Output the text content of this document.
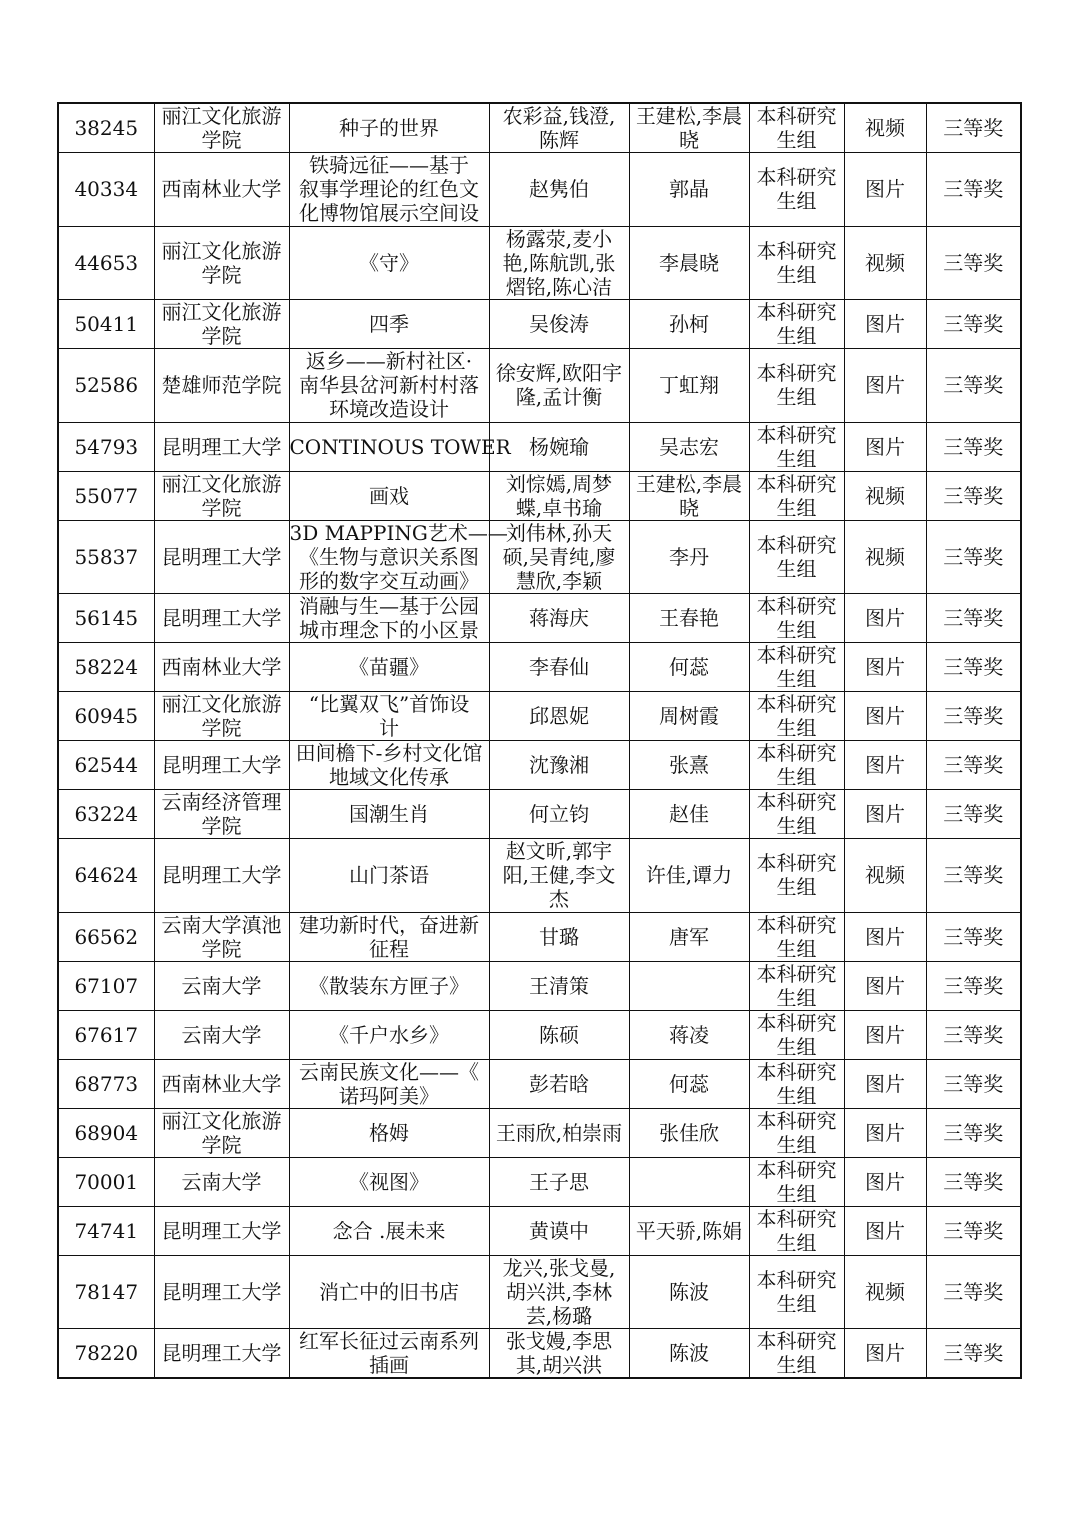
38245	丽江文化旅游
学院	种子的世界	农彩益,钱澄,
陈辉	王建松,李晨
晓	本科研究
生组	视频	三等奖

40334	西南林业大学	铁骑远征——基于
叙事学理论的红色文
化博物馆展示空间设	赵隽伯	郭晶	本科研究
生组	图片	三等奖

44653	丽江文化旅游
学院	《守》	杨露荥,麦小
艳,陈航凯,张
熠铭,陈心洁	李晨晓	本科研究
生组	视频	三等奖

50411	丽江文化旅游
学院	四季	吴俊涛	孙柯	本科研究
生组	图片	三等奖

52586	楚雄师范学院	返乡——新村社区·
南华县岔河新村村落
环境改造设计	徐安辉,欧阳宇
隆,孟计衡	丁虹翔	本科研究
生组	图片	三等奖

54793	昆明理工大学	CONTINOUS TOWER	杨婉瑜	吴志宏	本科研究
生组	图片	三等奖

55077	丽江文化旅游
学院	画戏	刘悰嫣,周梦
蝶,卓书瑜	王建松,李晨
晓	本科研究
生组	视频	三等奖

55837	昆明理工大学	3D MAPPING艺术——
《生物与意识关系图
形的数字交互动画》	刘伟林,孙天
硕,吴青纯,廖
慧欣,李颖	李丹	本科研究
生组	视频	三等奖

56145	昆明理工大学	消融与生—基于公园
城市理念下的小区景	蒋海庆	王春艳	本科研究
生组	图片	三等奖

58224	西南林业大学	《苗疆》	李春仙	何蕊	本科研究
生组	图片	三等奖

60945	丽江文化旅游
学院	“比翼双飞”首饰设
计	邱恩妮	周树霞	本科研究
生组	图片	三等奖

62544	昆明理工大学	田间檐下-乡村文化馆
地域文化传承	沈豫湘	张熹	本科研究
生组	图片	三等奖

63224	云南经济管理
学院	国潮生肖	何立钧	赵佳	本科研究
生组	图片	三等奖

64624	昆明理工大学	山门茶语	赵文昕,郭宇
阳,王健,李文
杰	许佳,谭力	本科研究
生组	视频	三等奖

66562	云南大学滇池
学院	建功新时代，奋进新
征程	甘璐	唐军	本科研究
生组	图片	三等奖

67107	云南大学	《散装东方匣子》	王清策		本科研究
生组	图片	三等奖

67617	云南大学	《千户水乡》	陈硕	蒋凌	本科研究
生组	图片	三等奖

68773	西南林业大学	云南民族文化——《
诺玛阿美》	彭若晗	何蕊	本科研究
生组	图片	三等奖

68904	丽江文化旅游
学院	格姆	王雨欣,柏崇雨	张佳欣	本科研究
生组	图片	三等奖

70001	云南大学	《视图》	王子思		本科研究
生组	图片	三等奖

74741	昆明理工大学	念合 .展未来	黄谟中	平天骄,陈娟	本科研究
生组	图片	三等奖

78147	昆明理工大学	消亡中的旧书店	龙兴,张戈曼,
胡兴洪,李林
芸,杨璐	陈波	本科研究
生组	视频	三等奖

78220	昆明理工大学	红军长征过云南系列
插画	张戈嫚,李思
其,胡兴洪	陈波	本科研究
生组	图片	三等奖
